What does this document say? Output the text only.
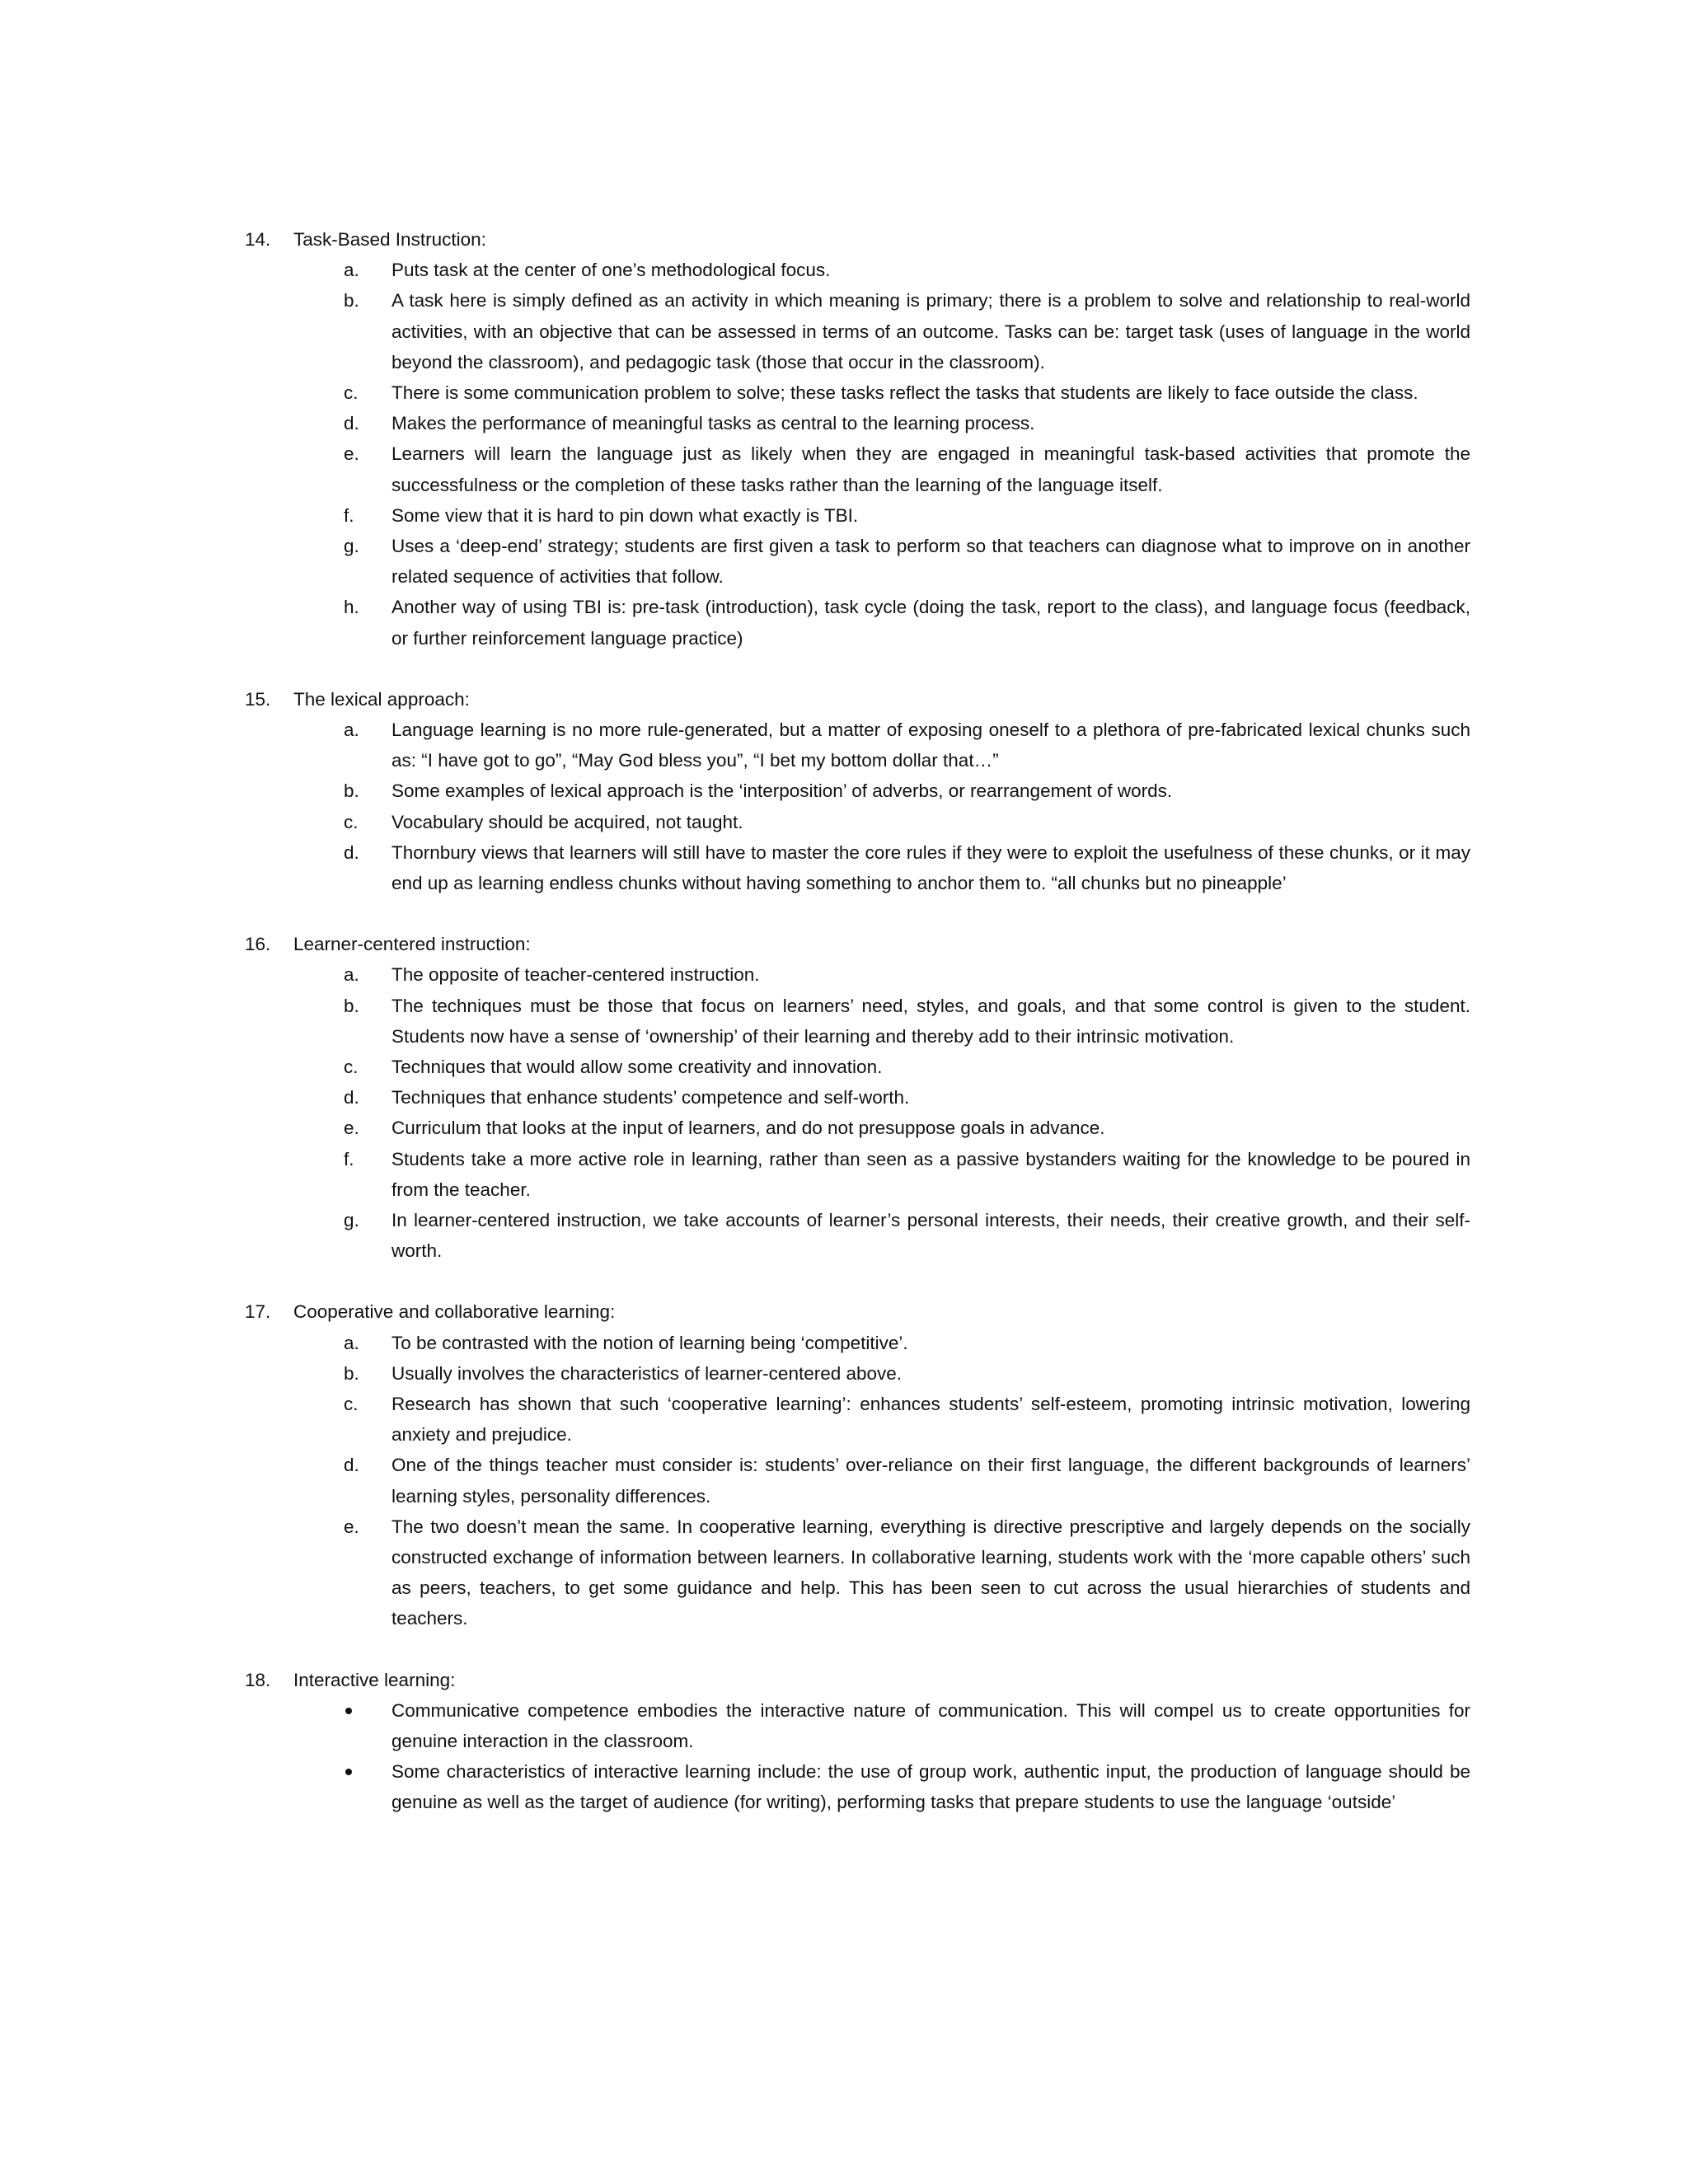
14. Task-Based Instruction:
a. Puts task at the center of one’s methodological focus.
b. A task here is simply defined as an activity in which meaning is primary; there is a problem to solve and relationship to real-world activities, with an objective that can be assessed in terms of an outcome. Tasks can be: target task (uses of language in the world beyond the classroom), and pedagogic task (those that occur in the classroom).
c. There is some communication problem to solve; these tasks reflect the tasks that students are likely to face outside the class.
d. Makes the performance of meaningful tasks as central to the learning process.
e. Learners will learn the language just as likely when they are engaged in meaningful task-based activities that promote the successfulness or the completion of these tasks rather than the learning of the language itself.
f. Some view that it is hard to pin down what exactly is TBI.
g. Uses a ‘deep-end’ strategy; students are first given a task to perform so that teachers can diagnose what to improve on in another related sequence of activities that follow.
h. Another way of using TBI is: pre-task (introduction), task cycle (doing the task, report to the class), and language focus (feedback, or further reinforcement language practice)
15. The lexical approach:
a. Language learning is no more rule-generated, but a matter of exposing oneself to a plethora of pre-fabricated lexical chunks such as: “I have got to go”, “May God bless you”, “I bet my bottom dollar that…”
b. Some examples of lexical approach is the ‘interposition’ of adverbs, or rearrangement of words.
c. Vocabulary should be acquired, not taught.
d. Thornbury views that learners will still have to master the core rules if they were to exploit the usefulness of these chunks, or it may end up as learning endless chunks without having something to anchor them to. “all chunks but no pineapple’
16. Learner-centered instruction:
a. The opposite of teacher-centered instruction.
b. The techniques must be those that focus on learners’ need, styles, and goals, and that some control is given to the student. Students now have a sense of ‘ownership’ of their learning and thereby add to their intrinsic motivation.
c. Techniques that would allow some creativity and innovation.
d. Techniques that enhance students’ competence and self-worth.
e. Curriculum that looks at the input of learners, and do not presuppose goals in advance.
f. Students take a more active role in learning, rather than seen as a passive bystanders waiting for the knowledge to be poured in from the teacher.
g. In learner-centered instruction, we take accounts of learner’s personal interests, their needs, their creative growth, and their self-worth.
17. Cooperative and collaborative learning:
a. To be contrasted with the notion of learning being ‘competitive’.
b. Usually involves the characteristics of learner-centered above.
c. Research has shown that such ‘cooperative learning’: enhances students’ self-esteem, promoting intrinsic motivation, lowering anxiety and prejudice.
d. One of the things teacher must consider is: students’ over-reliance on their first language, the different backgrounds of learners’ learning styles, personality differences.
e. The two doesn’t mean the same. In cooperative learning, everything is directive prescriptive and largely depends on the socially constructed exchange of information between learners. In collaborative learning, students work with the ‘more capable others’ such as peers, teachers, to get some guidance and help. This has been seen to cut across the usual hierarchies of students and teachers.
18. Interactive learning:
Communicative competence embodies the interactive nature of communication. This will compel us to create opportunities for genuine interaction in the classroom.
Some characteristics of interactive learning include: the use of group work, authentic input, the production of language should be genuine as well as the target of audience (for writing), performing tasks that prepare students to use the language ‘outside’
